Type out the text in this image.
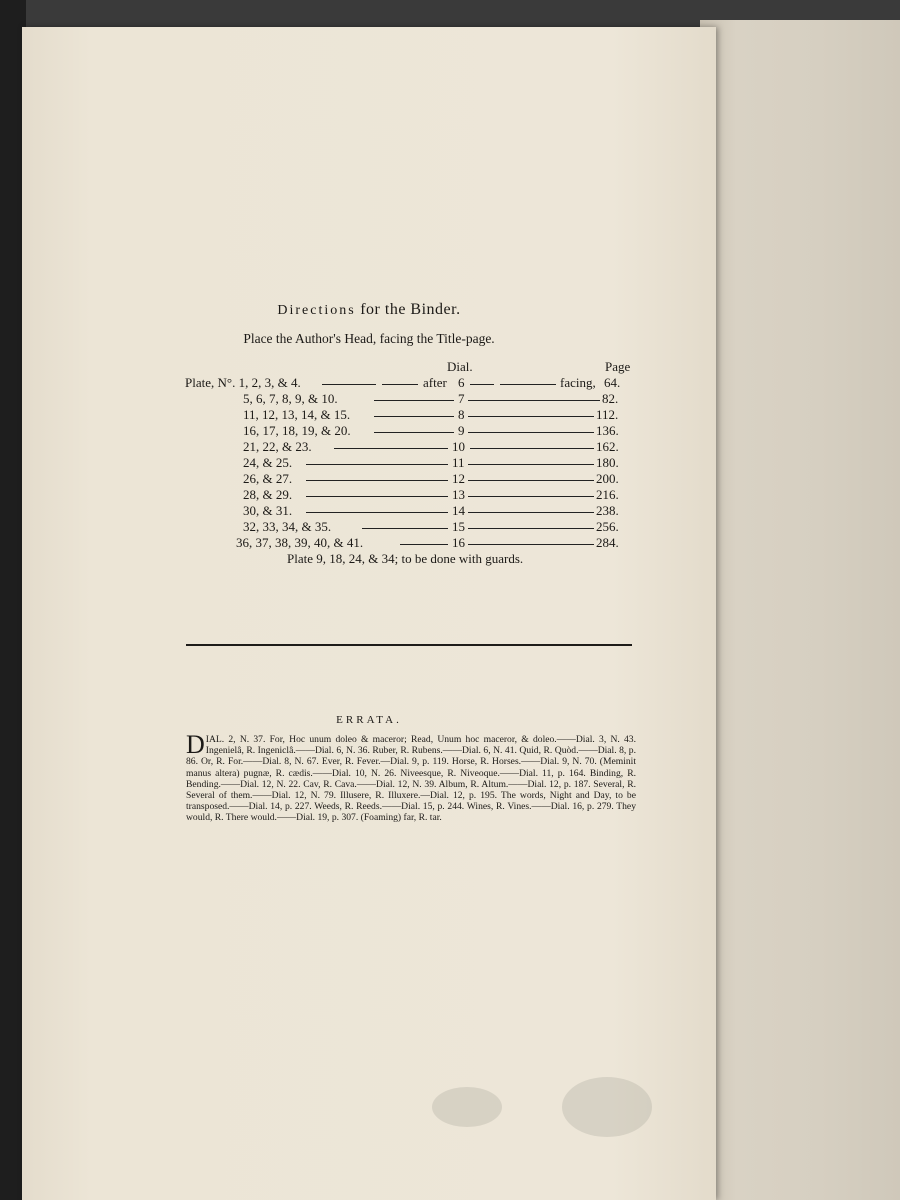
Directions for the Binder.
Place the Author's Head, facing the Title-page.
Dial.	Page
Plate, N°. 1, 2, 3, & 4.	after 6	facing, 64.
5, 6, 7, 8, 9, & 10.	7	82.
11, 12, 13, 14, & 15.	8	112.
16, 17, 18, 19, & 20.	9	136.
21, 22, & 23.	10	162.
24, & 25.	11	180.
26, & 27.	12	200.
28, & 29.	13	216.
30, & 31.	14	238.
32, 33, 34, & 35.	15	256.
36, 37, 38, 39, 40, & 41.	16	284.
Plate 9, 18, 24, & 34; to be done with guards.
ERRATA.
DIAL. 2, N. 37. For, Hoc unum doleo & maceror; Read, Unum hoc maceror, & doleo.——Dial. 3, N. 43. Ingenielâ, R. Ingeniclâ.——Dial. 6, N. 36. Ruber, R. Rubens.——Dial. 6, N. 41. Quid, R. Quòd.——Dial. 8, p. 86. Or, R. For.——Dial. 8, N. 67. Ever, R. Fever.—Dial. 9, p. 119. Horse, R. Horses.——Dial. 9, N. 70. (Meminit manus altera) pugnæ, R. cædis.——Dial. 10, N. 26. Niveesque, R. Niveoque.——Dial. 11, p. 164. Binding, R. Bending.——Dial. 12, N. 22. Cav, R. Cava.——Dial. 12, N. 39. Album, R. Altum.——Dial. 12, p. 187. Several, R. Several of them.——Dial. 12, N. 79. Illusere, R. Illuxere.—Dial. 12, p. 195. The words, Night and Day, to be transposed.——Dial. 14, p. 227. Weeds, R. Reeds.——Dial. 15, p. 244. Wines, R. Vines.——Dial. 16, p. 279. They would, R. There would.——Dial. 19, p. 307. (Foaming) far, R. tar.
